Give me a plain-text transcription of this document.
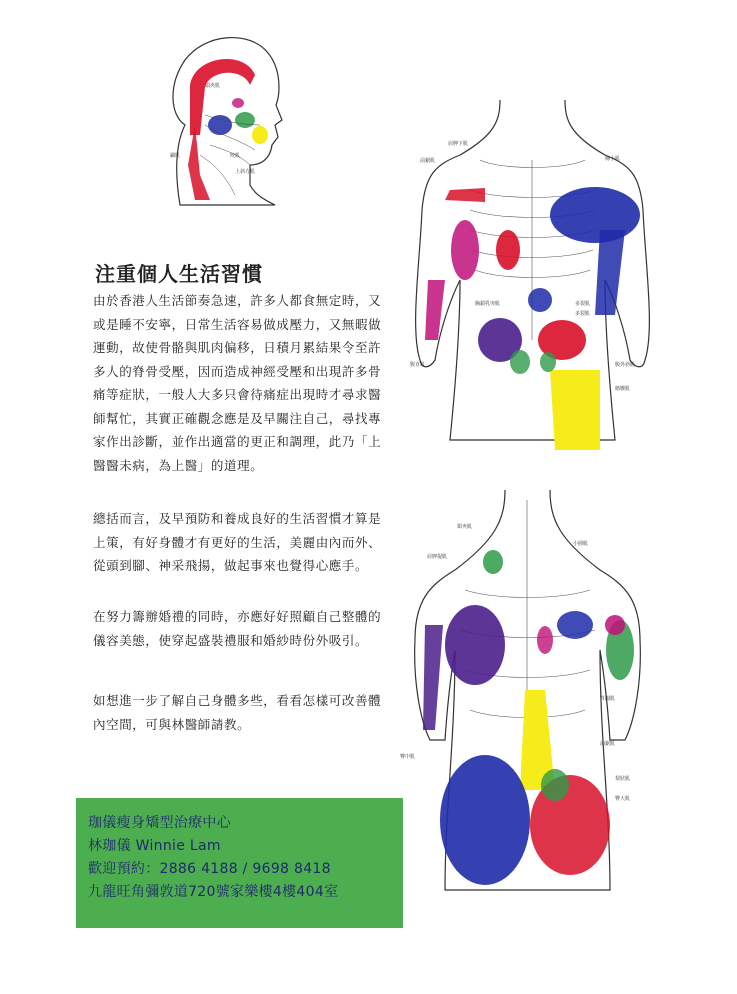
頭夾肌
顳肌	咬肌
上斜方肌
肩胛下肌
前鋸肌	胸小肌
胸鎖乳突肌	多裂肌
腹直肌	腹外斜肌
多裂肌
髂腰肌
頸夾肌
肩胛提肌
小圓肌
背闊肌
前鋸肌
臀中肌
梨狀肌
臀大肌
注重個人生活習慣

由於香港人生活節奏急速，許多人都食無定時，又或是睡不安寧，日常生活容易做成壓力，又無暇做運動，故使骨骼與肌肉偏移，日積月累結果令至許多人的脊骨受壓，因而造成神經受壓和出現許多骨痛等症狀，一般人大多只會待痛症出現時才尋求醫師幫忙，其實正確觀念應是及早關注自己，尋找專家作出診斷，並作出適當的更正和調理，此乃「上醫醫未病，為上醫」的道理。

總括而言，及早預防和養成良好的生活習慣才算是上策，有好身體才有更好的生活，美麗由內而外、從頭到腳、神采飛揚，做起事來也覺得心應手。

在努力籌辦婚禮的同時，亦應好好照顧自己整體的儀容美態，使穿起盛裝禮服和婚紗時份外吸引。

如想進一步了解自己身體多些，看看怎樣可改善體內空間，可與林醫師請教。

珈儀瘦身矯型治療中心
林珈儀 Winnie Lam
歡迎預約：2886 4188 / 9698 8418
九龍旺角彌敦道720號家樂樓4樓404室
